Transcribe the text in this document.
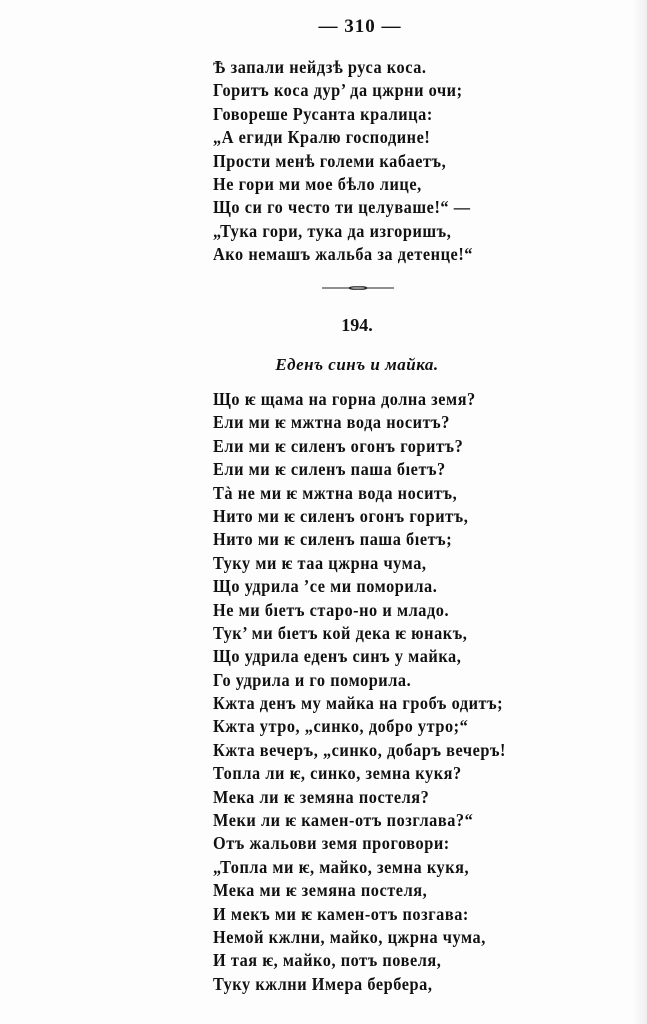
— 310 —
Ѣ запали нейдзѣ руса коса.
Горитъ коса дур’ да цжрни очи;
Говореше Русанта кралица:
„А егиди Кралю господине!
Прости менѣ големи кабаетъ,
Не гори ми мое бѣло лице,
Що си го често ти целуваше!“ —
„Тука гори, тука да изгоришъ,
Ако немашъ жальба за детенце!“
194.
Еденъ синъ и майка.
Що ѥ щама на горна долна земя?
Ели ми ѥ мжтна вода носитъ?
Ели ми ѥ силенъ огонъ горитъ?
Ели ми ѥ силенъ паша бıетъ?
Тà не ми ѥ мжтна вода носитъ,
Нито ми ѥ силенъ огонъ горитъ,
Нито ми ѥ силенъ паша бıетъ;
Туку ми ѥ таа цжрна чума,
Що удрила ’се ми поморила.
Не ми бıетъ старо-но и младо.
Тук’ ми бıетъ кой дека ѥ юнакъ,
Що удрила еденъ синъ у майка,
Го удрила и го поморила.
Кжта денъ му майка на гробъ одитъ;
Кжта утро, „синко, добро утро;“
Кжта вечеръ, „синко, добаръ вечеръ!
Топла ли ѥ, синко, земна кукя?
Мека ли ѥ земяна постеля?
Меки ли ѥ камен-отъ позглава?“
Отъ жальови земя проговори:
„Топла ми ѥ, майко, земна кукя,
Мека ми ѥ земяна постеля,
И мекъ ми ѥ камен-отъ позгава:
Немой кжлни, майко, цжрна чума,
И тая ѥ, майко, потъ повеля,
Туку кжлни Имера бербера,
